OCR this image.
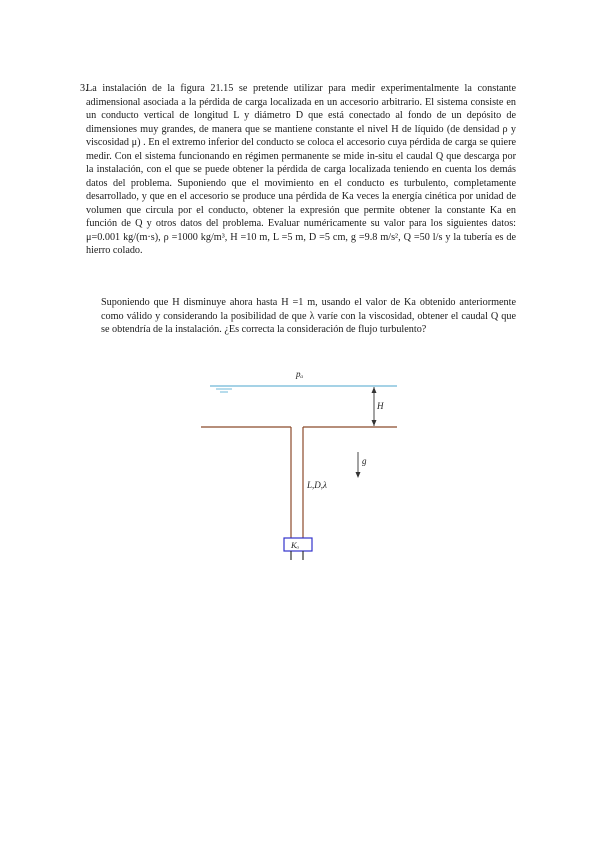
3.

La instalación de la figura 21.15 se pretende utilizar para medir experimentalmente la constante adimensional asociada a la pérdida de carga localizada en un accesorio arbitrario. El sistema consiste en un conducto vertical de longitud L y diámetro D que está conectado al fondo de un depósito de dimensiones muy grandes, de manera que se mantiene constante el nivel H de líquido (de densidad ρ y viscosidad μ) . En el extremo inferior del conducto se coloca el accesorio cuya pérdida de carga se quiere medir. Con el sistema funcionando en régimen permanente se mide in-situ el caudal Q que descarga por la instalación, con el que se puede obtener la pérdida de carga localizada teniendo en cuenta los demás datos del problema. Suponiendo que el movimiento en el conducto es turbulento, completamente desarrollado, y que en el accesorio se produce una pérdida de Ka veces la energía cinética por unidad de volumen que circula por el conducto, obtener la expresión que permite obtener la constante Ka en función de Q y otros datos del problema. Evaluar numéricamente su valor para los siguientes datos: μ=0.001 kg/(m·s), ρ =1000 kg/m³, H =10 m, L =5 m, D =5 cm, g =9.8 m/s², Q =50 l/s y la tubería es de hierro colado.

Suponiendo que H disminuye ahora hasta H =1 m, usando el valor de Ka obtenido anteriormente como válido y considerando la posibilidad de que λ varíe con la viscosidad, obtener el caudal Q que se obtendría de la instalación. ¿Es correcta la consideración de flujo turbulento?

pₐ
H
g
L,D,λ
Kₐ
